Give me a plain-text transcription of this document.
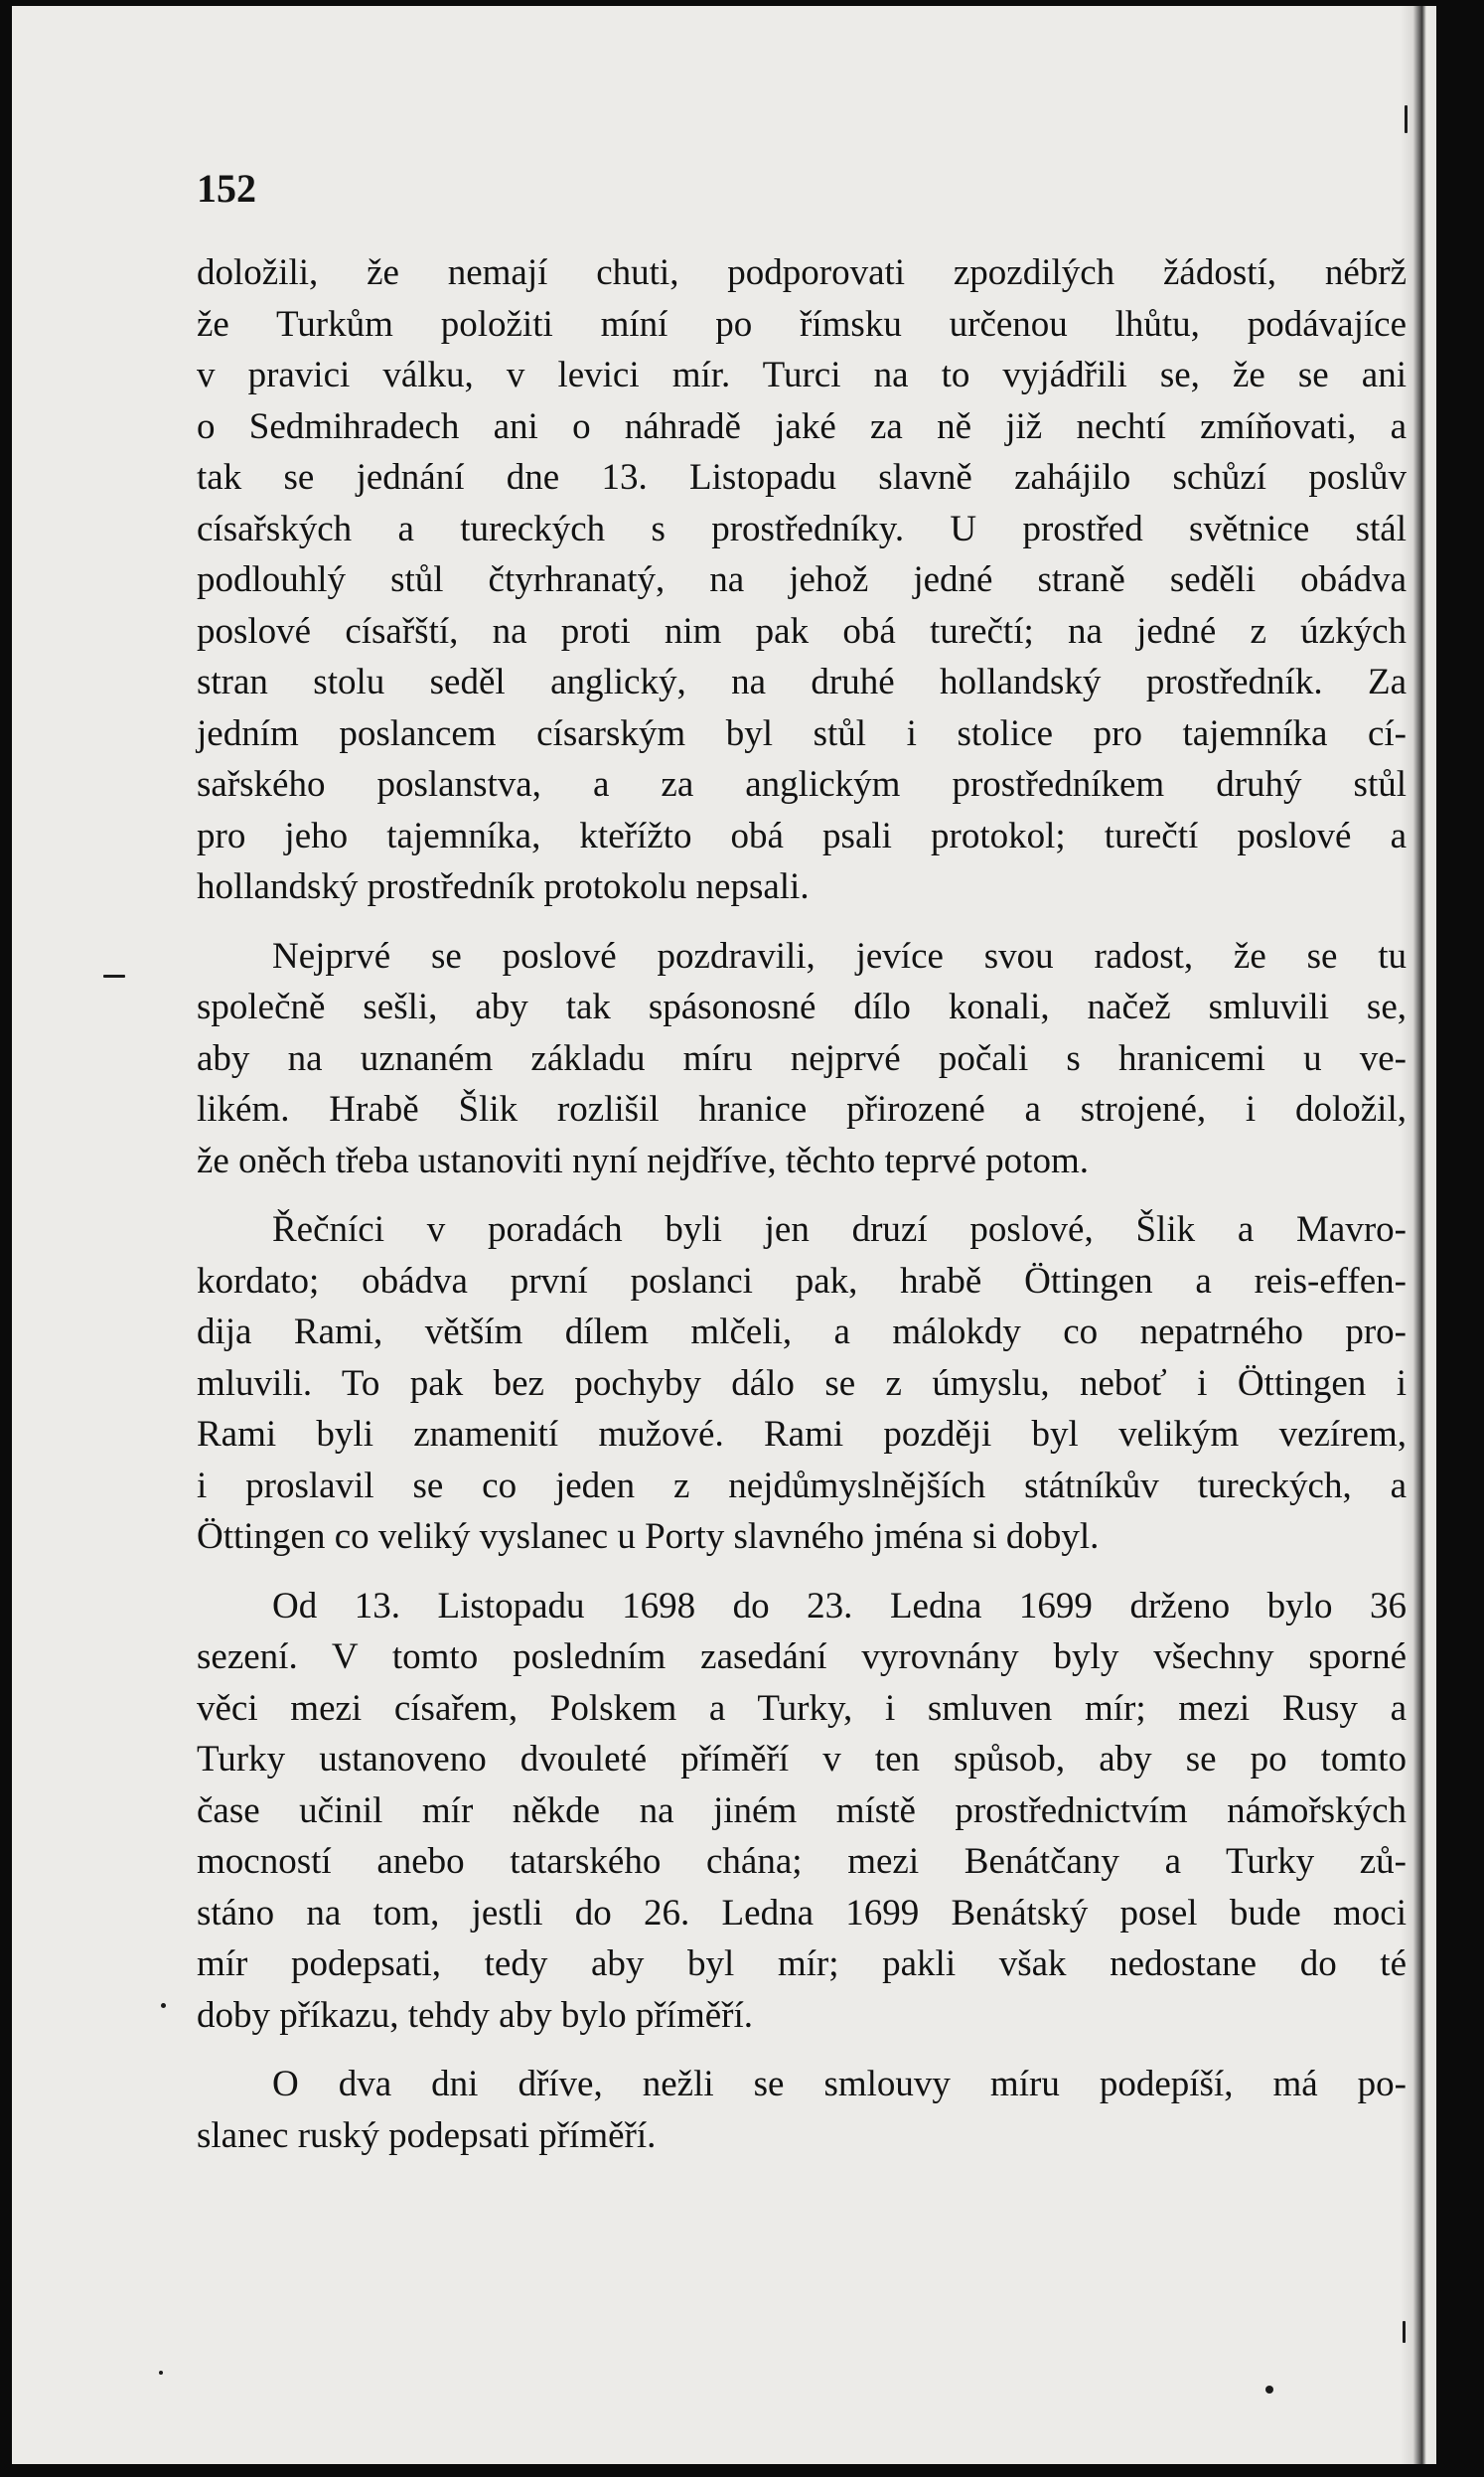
152
doložili, že nemají chuti, podporovati zpozdilých žádostí, nébrž
že Turkům položiti míní po římsku určenou lhůtu, podávajíce
v pravici válku, v levici mír. Turci na to vyjádřili se, že se ani
o Sedmihradech ani o náhradě jaké za ně již nechtí zmíňovati, a
tak se jednání dne 13. Listopadu slavně zahájilo schůzí poslův
císařských a tureckých s prostředníky. U prostřed světnice stál
podlouhlý stůl čtyrhranatý, na jehož jedné straně seděli obádva
poslové císařští, na proti nim pak obá turečtí; na jedné z úzkých
stran stolu seděl anglický, na druhé hollandský prostředník. Za
jedním poslancem císarským byl stůl i stolice pro tajemníka cí-
sařského poslanstva, a za anglickým prostředníkem druhý stůl
pro jeho tajemníka, kteřížto obá psali protokol; turečtí poslové a
hollandský prostředník protokolu nepsali.
Nejprvé se poslové pozdravili, jevíce svou radost, že se tu
společně sešli, aby tak spásonosné dílo konali, načež smluvili se,
aby na uznaném základu míru nejprvé počali s hranicemi u ve-
likém. Hrabě Šlik rozlišil hranice přirozené a strojené, i doložil,
že oněch třeba ustanoviti nyní nejdříve, těchto teprvé potom.
Řečníci v poradách byli jen druzí poslové, Šlik a Mavro-
kordato; obádva první poslanci pak, hrabě Öttingen a reis-effen-
dija Rami, větším dílem mlčeli, a málokdy co nepatrného pro-
mluvili. To pak bez pochyby dálo se z úmyslu, neboť i Öttingen i
Rami byli znamenití mužové. Rami později byl velikým vezírem,
i proslavil se co jeden z nejdůmyslnějších státníkův tureckých, a
Öttingen co veliký vyslanec u Porty slavného jména si dobyl.
Od 13. Listopadu 1698 do 23. Ledna 1699 drženo bylo 36
sezení. V tomto posledním zasedání vyrovnány byly všechny sporné
věci mezi císařem, Polskem a Turky, i smluven mír; mezi Rusy a
Turky ustanoveno dvouleté příměří v ten spůsob, aby se po tomto
čase učinil mír někde na jiném místě prostřednictvím námořských
mocností anebo tatarského chána; mezi Benátčany a Turky zů-
stáno na tom, jestli do 26. Ledna 1699 Benátský posel bude moci
mír podepsati, tedy aby byl mír; pakli však nedostane do té
doby příkazu, tehdy aby bylo příměří.
O dva dni dříve, nežli se smlouvy míru podepíší, má po-
slanec ruský podepsati příměří.
